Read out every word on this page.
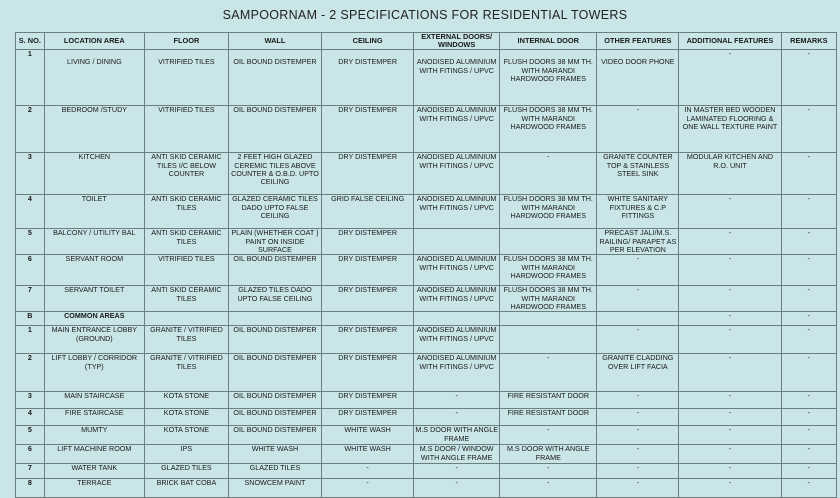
SAMPOORNAM - 2 SPECIFICATIONS FOR RESIDENTIAL TOWERS
S. NO.	LOCATION AREA	FLOOR	WALL	CEILING	EXTERNAL DOORS/ WINDOWS	INTERNAL DOOR	OTHER FEATURES	ADDITIONAL FEATURES	REMARKS
1	LIVING / DINING	VITRIFIED TILES	OIL BOUND DISTEMPER	DRY DISTEMPER	ANODISED ALUMINIUM WITH FITINGS / UPVC	FLUSH DOORS 38 MM TH. WITH MARANDI HARDWOOD FRAMES	VIDEO DOOR PHONE	-	-
2	BEDROOM /STUDY	VITRIFIED TILES	OIL BOUND DISTEMPER	DRY DISTEMPER	ANODISED ALUMINIUM WITH FITINGS / UPVC	FLUSH DOORS 38 MM TH. WITH MARANDI HARDWOOD FRAMES	-	IN MASTER BED WOODEN LAMINATED FLOORING & ONE WALL TEXTURE PAINT	-
3	KITCHEN	ANTI SKID CERAMIC TILES I/C BELOW COUNTER	2 FEET HIGH GLAZED CEREMIC TILES ABOVE COUNTER & O.B.D. UPTO CEILING	DRY DISTEMPER	ANODISED ALUMINIUM WITH FITINGS / UPVC	-	GRANITE COUNTER TOP & STAINLESS STEEL SINK	MODULAR KITCHEN AND R.O. UNIT	-
4	TOILET	ANTI SKID CERAMIC TILES	GLAZED CERAMIC TILES DADO UPTO FALSE CEILING	GRID FALSE CEILING	ANODISED ALUMINIUM WITH FITINGS / UPVC	FLUSH DOORS 38 MM TH. WITH MARANDI HARDWOOD FRAMES	WHITE SANITARY FIXTURES & C.P FITTINGS	-	-
5	BALCONY / UTILITY BAL	ANTI SKID CERAMIC TILES	PLAIN (WHETHER COAT ) PAINT ON INSIDE SURFACE	DRY DISTEMPER			PRECAST JALI/M.S. RAILING/ PARAPET AS PER ELEVATION	-	-
6	SERVANT ROOM	VITRIFIED TILES	OIL BOUND DISTEMPER	DRY DISTEMPER	ANODISED ALUMINIUM WITH FITINGS / UPVC	FLUSH DOORS 38 MM TH. WITH MARANDI HARDWOOD FRAMES	-	-	-
7	SERVANT TOILET	ANTI SKID CERAMIC TILES	GLAZED TILES DADO UPTO FALSE CEILING	DRY DISTEMPER	ANODISED ALUMINIUM WITH FITINGS / UPVC	FLUSH DOORS 38 MM TH. WITH MARANDI HARDWOOD FRAMES	-	-	-
B	COMMON AREAS							-	-
1	MAIN ENTRANCE LOBBY (GROUND)	GRANITE / VITRIFIED TILES	OIL BOUND DISTEMPER	DRY DISTEMPER	ANODISED ALUMINIUM WITH FITINGS / UPVC		-	-	-
2	LIFT LOBBY / CORRIDOR (TYP)	GRANITE / VITRIFIED TILES	OIL BOUND DISTEMPER	DRY DISTEMPER	ANODISED ALUMINIUM WITH FITINGS / UPVC	-	GRANITE CLADDING OVER LIFT FACIA	-	-
3	MAIN STAIRCASE	KOTA STONE	OIL BOUND DISTEMPER	DRY DISTEMPER	-	FIRE RESISTANT DOOR	-	-	-
4	FIRE STAIRCASE	KOTA STONE	OIL BOUND DISTEMPER	DRY DISTEMPER	-	FIRE RESISTANT DOOR	-	-	-
5	MUMTY	KOTA STONE	OIL BOUND DISTEMPER	WHITE WASH	M.S DOOR WITH ANGLE FRAME	-	-	-	-
6	LIFT MACHINE ROOM	IPS	WHITE WASH	WHITE WASH	M.S DOOR / WINDOW WITH ANGLE FRAME	M.S DOOR WITH ANGLE FRAME	-	-	-
7	WATER TANK	GLAZED TILES	GLAZED TILES	-	-	-	-	-	-
8	TERRACE	BRICK BAT COBA	SNOWCEM PAINT	-	-	-	-	-	-
